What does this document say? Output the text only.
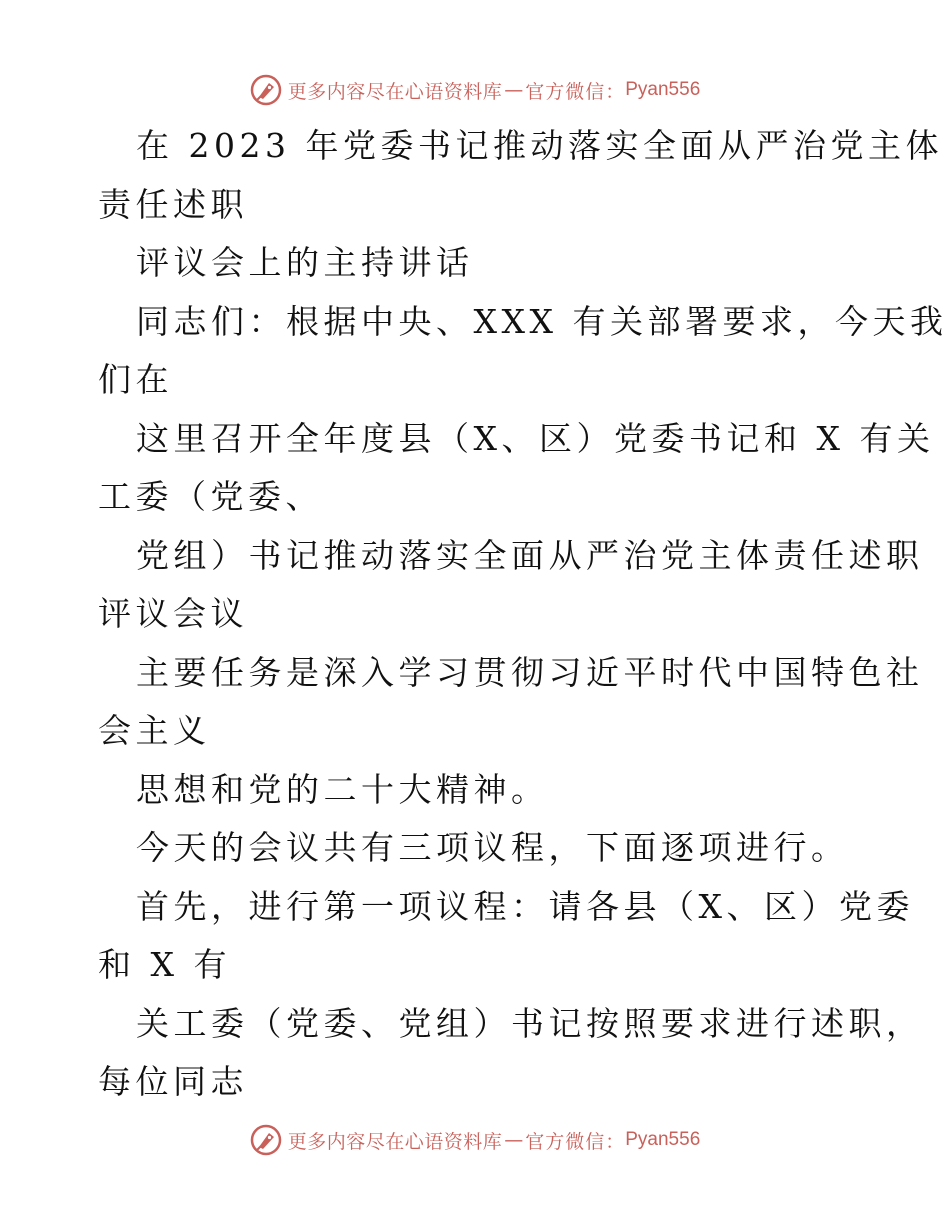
更多内容尽在心语资料库 — 官方微信： Pyan556
在 2023 年党委书记推动落实全面从严治党主体
责任述职
评议会上的主持讲话
同志们：根据中央、XXX 有关部署要求，今天我
们在
这里召开全年度县（X、区）党委书记和 X 有关
工委（党委、
党组）书记推动落实全面从严治党主体责任述职
评议会议
主要任务是深入学习贯彻习近平时代中国特色社
会主义
思想和党的二十大精神。
今天的会议共有三项议程，下面逐项进行。
首先，进行第一项议程：请各县（X、区）党委
和 X 有
关工委（党委、党组）书记按照要求进行述职，
每位同志
更多内容尽在心语资料库 — 官方微信： Pyan556
